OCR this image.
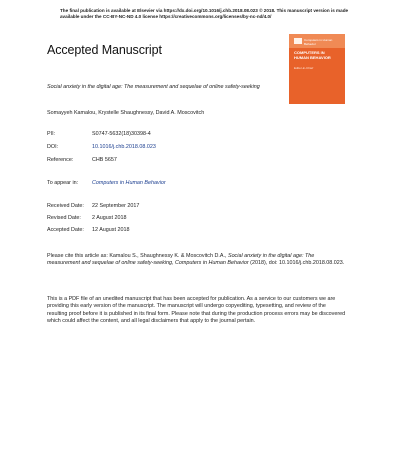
The final publication is available at Elsevier via https://dx.doi.org/10.1016/j.chb.2018.08.023 © 2018. This manuscript version is made available under the CC-BY-NC-ND 4.0 license https://creativecommons.org/licenses/by-nc-nd/4.0/
Accepted Manuscript
Computers in Human Behavior
COMPUTERS IN HUMAN BEHAVIOR
Editor-in-Chief
Social anxiety in the digital age: The measurement and sequelae of online safety-seeking
Somayyeh Kamalou, Krystelle Shaughnessy, David A. Moscovitch
PII:	S0747-5632(18)30398-4
DOI:	10.1016/j.chb.2018.08.023
Reference:	CHB 5657
To appear in:	Computers in Human Behavior
Received Date: 22 September 2017
Revised Date: 2 August 2018
Accepted Date: 12 August 2018
Please cite this article as: Kamalou S., Shaughnessy K. & Moscovitch D.A., Social anxiety in the digital age: The measurement and sequelae of online safety-seeking, Computers in Human Behavior (2018), doi: 10.1016/j.chb.2018.08.023.
This is a PDF file of an unedited manuscript that has been accepted for publication. As a service to our customers we are providing this early version of the manuscript. The manuscript will undergo copyediting, typesetting, and review of the resulting proof before it is published in its final form. Please note that during the production process errors may be discovered which could affect the content, and all legal disclaimers that apply to the journal pertain.
